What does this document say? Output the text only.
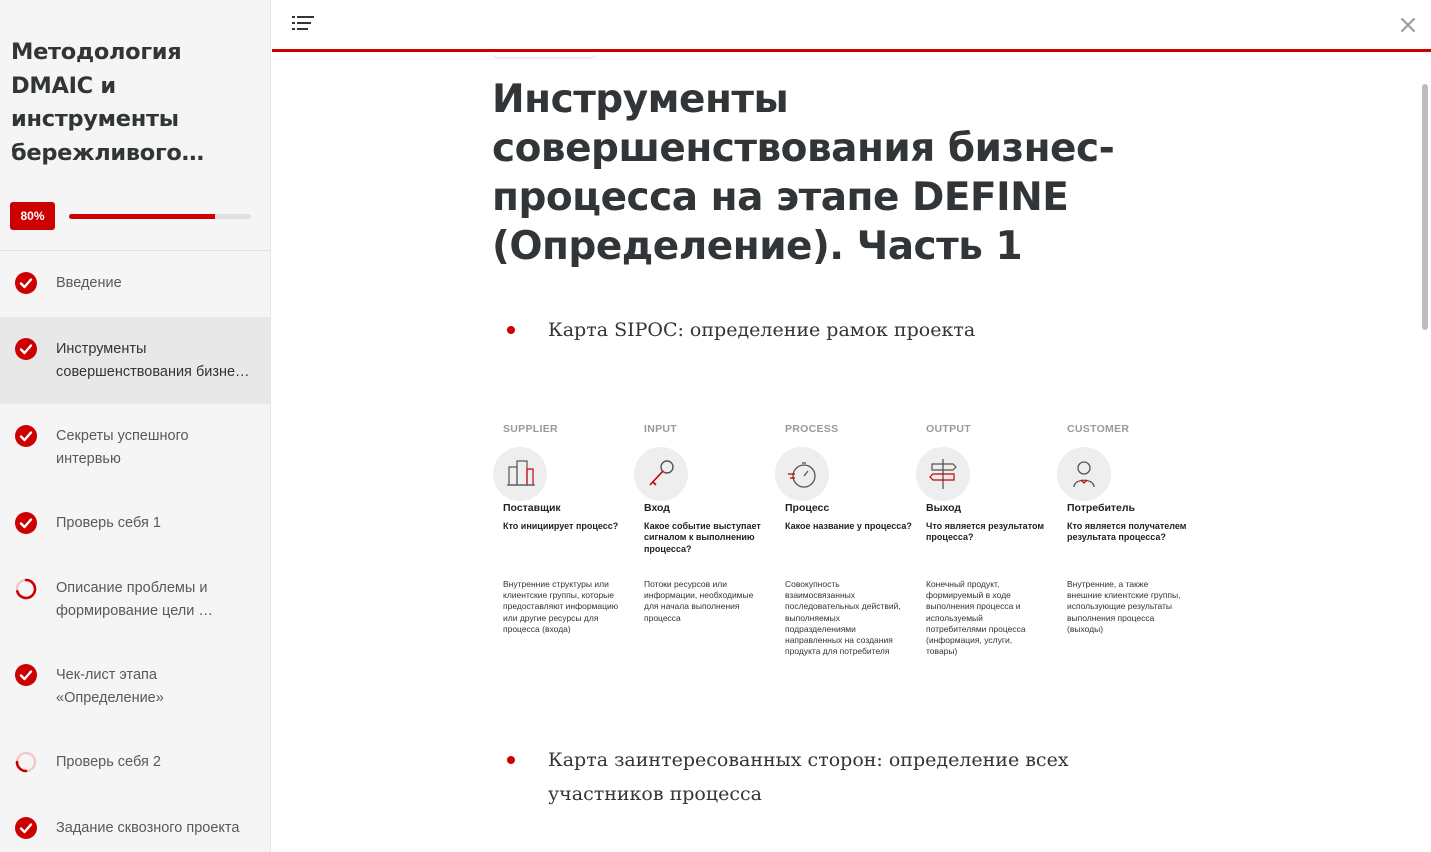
Методология DMAIC и инструменты бережливого…
80%
Введение
Инструменты совершенствования бизне…
Секреты успешного интервью
Проверь себя 1
Описание проблемы и формирование цели …
Чек-лист этапа «Определение»
Проверь себя 2
Задание сквозного проекта
Инструменты совершенствования бизнес-процесса на этапе DEFINE (Определение). Часть 1

Карта SIPOC: определение рамок проекта

SUPPLIER
Поставщик
Кто инициирует процесс?
Внутренние структуры или клиентские группы, которые предоставляют информацию или другие ресурсы для процесса (входа)
INPUT
Вход
Какое событие выступает сигналом к выполнению процесса?
Потоки ресурсов или информации, необходимые для начала выполнения процесса
PROCESS
Процесс
Какое название у процесса?
Совокупность взаимосвязанных последовательных действий, выполняемых подразделениями направленных на создания продукта для потребителя
OUTPUT
Выход
Что является результатом процесса?
Конечный продукт, формируемый в ходе выполнения процесса и используемый потребителями процесса (информация, услуги, товары)
CUSTOMER
Потребитель
Кто является получателем результата процесса?
Внутренние, а также внешние клиентские группы, использующие результаты выполнения процесса (выходы)

Карта заинтересованных сторон: определение всех участников процесса
